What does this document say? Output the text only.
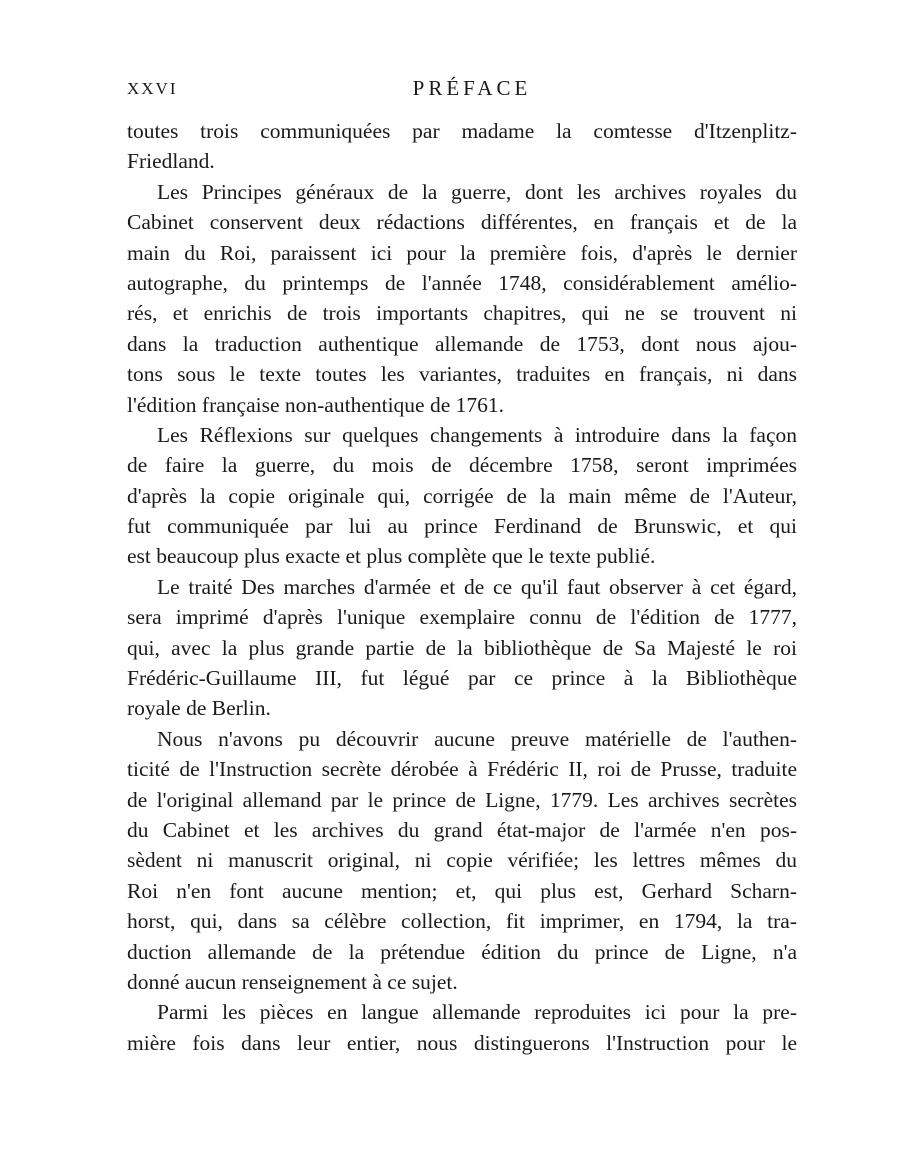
XXVI	PRÉFACE
toutes trois communiquées par madame la comtesse d'Itzenplitz-
Friedland.
Les Principes généraux de la guerre, dont les archives royales du
Cabinet conservent deux rédactions différentes, en français et de la
main du Roi, paraissent ici pour la première fois, d'après le dernier
autographe, du printemps de l'année 1748, considérablement amélio-
rés, et enrichis de trois importants chapitres, qui ne se trouvent ni
dans la traduction authentique allemande de 1753, dont nous ajou-
tons sous le texte toutes les variantes, traduites en français, ni dans
l'édition française non-authentique de 1761.
Les Réflexions sur quelques changements à introduire dans la façon
de faire la guerre, du mois de décembre 1758, seront imprimées
d'après la copie originale qui, corrigée de la main même de l'Auteur,
fut communiquée par lui au prince Ferdinand de Brunswic, et qui
est beaucoup plus exacte et plus complète que le texte publié.
Le traité Des marches d'armée et de ce qu'il faut observer à cet égard,
sera imprimé d'après l'unique exemplaire connu de l'édition de 1777,
qui, avec la plus grande partie de la bibliothèque de Sa Majesté le roi
Frédéric-Guillaume III, fut légué par ce prince à la Bibliothèque
royale de Berlin.
Nous n'avons pu découvrir aucune preuve matérielle de l'authen-
ticité de l'Instruction secrète dérobée à Frédéric II, roi de Prusse, traduite
de l'original allemand par le prince de Ligne, 1779. Les archives secrètes
du Cabinet et les archives du grand état-major de l'armée n'en pos-
sèdent ni manuscrit original, ni copie vérifiée; les lettres mêmes du
Roi n'en font aucune mention; et, qui plus est, Gerhard Scharn-
horst, qui, dans sa célèbre collection, fit imprimer, en 1794, la tra-
duction allemande de la prétendue édition du prince de Ligne, n'a
donné aucun renseignement à ce sujet.
Parmi les pièces en langue allemande reproduites ici pour la pre-
mière fois dans leur entier, nous distinguerons l'Instruction pour le
